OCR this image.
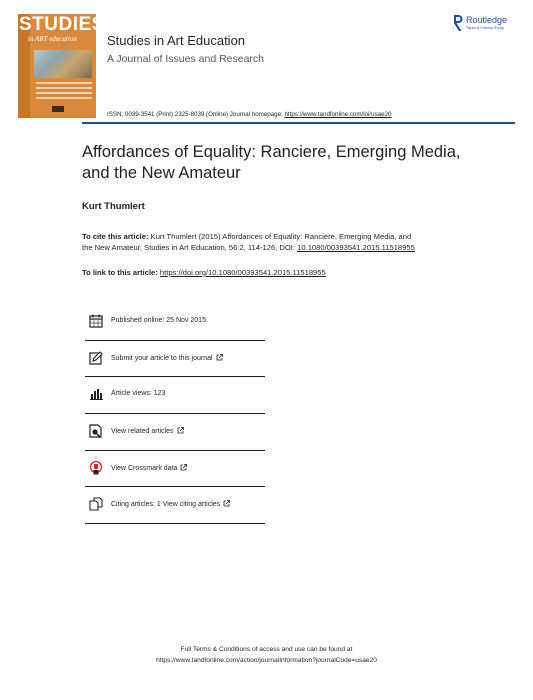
STUDIES
in ART education Studies in Art Education
A Journal of Issues and Research
Routledge
Taylor & Francis Group
ISSN: 0039-3541 (Print) 2325-8039 (Online) Journal homepage: https://www.tandfonline.com/loi/usae20
Affordances of Equality: Ranciere, Emerging Media,
and the New Amateur
Kurt Thumlert
To cite this article: Kurt Thumlert (2015) Affordances of Equality: Ranciere, Emerging Media, and the New Amateur, Studies in Art Education, 56:2, 114-126, DOI: 10.1080/00393541.2015.11518955
To link to this article: https://doi.org/10.1080/00393541.2015.11518955
Published online: 25 Nov 2015.
Submit your article to this journal
Article views: 123
View related articles
View Crossmark data
Citing articles: 1 View citing articles
Full Terms & Conditions of access and use can be found at
https://www.tandfonline.com/action/journalInformation?journalCode=usae20
